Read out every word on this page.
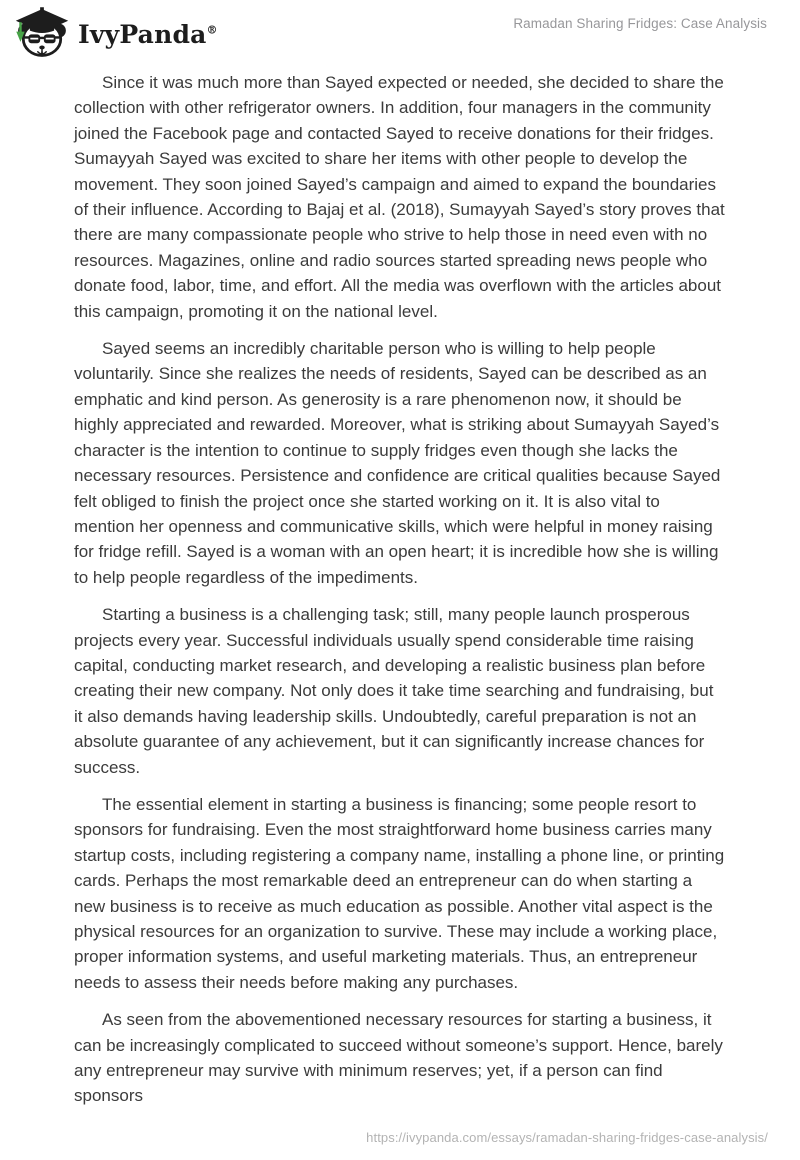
IvyPanda®	Ramadan Sharing Fridges: Case Analysis

Since it was much more than Sayed expected or needed, she decided to share the collection with other refrigerator owners. In addition, four managers in the community joined the Facebook page and contacted Sayed to receive donations for their fridges. Sumayyah Sayed was excited to share her items with other people to develop the movement. They soon joined Sayed’s campaign and aimed to expand the boundaries of their influence. According to Bajaj et al. (2018), Sumayyah Sayed’s story proves that there are many compassionate people who strive to help those in need even with no resources. Magazines, online and radio sources started spreading news people who donate food, labor, time, and effort. All the media was overflown with the articles about this campaign, promoting it on the national level.

Sayed seems an incredibly charitable person who is willing to help people voluntarily. Since she realizes the needs of residents, Sayed can be described as an emphatic and kind person. As generosity is a rare phenomenon now, it should be highly appreciated and rewarded. Moreover, what is striking about Sumayyah Sayed’s character is the intention to continue to supply fridges even though she lacks the necessary resources. Persistence and confidence are critical qualities because Sayed felt obliged to finish the project once she started working on it. It is also vital to mention her openness and communicative skills, which were helpful in money raising for fridge refill. Sayed is a woman with an open heart; it is incredible how she is willing to help people regardless of the impediments.

Starting a business is a challenging task; still, many people launch prosperous projects every year. Successful individuals usually spend considerable time raising capital, conducting market research, and developing a realistic business plan before creating their new company. Not only does it take time searching and fundraising, but it also demands having leadership skills. Undoubtedly, careful preparation is not an absolute guarantee of any achievement, but it can significantly increase chances for success.

The essential element in starting a business is financing; some people resort to sponsors for fundraising. Even the most straightforward home business carries many startup costs, including registering a company name, installing a phone line, or printing cards. Perhaps the most remarkable deed an entrepreneur can do when starting a new business is to receive as much education as possible. Another vital aspect is the physical resources for an organization to survive. These may include a working place, proper information systems, and useful marketing materials. Thus, an entrepreneur needs to assess their needs before making any purchases.

As seen from the abovementioned necessary resources for starting a business, it can be increasingly complicated to succeed without someone’s support. Hence, barely any entrepreneur may survive with minimum reserves; yet, if a person can find sponsors

https://ivypanda.com/essays/ramadan-sharing-fridges-case-analysis/
